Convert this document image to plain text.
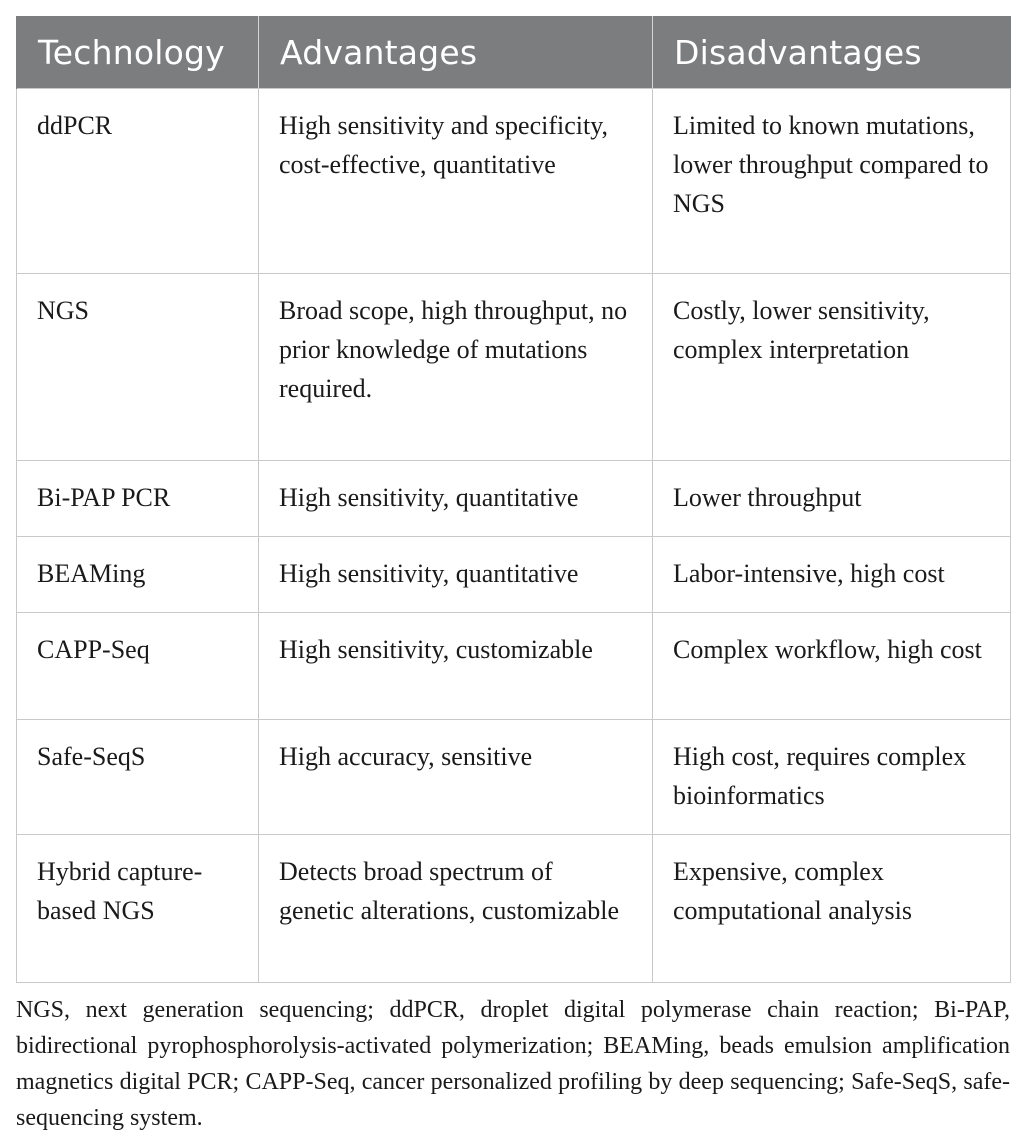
Technology	Advantages	Disadvantages
ddPCR	High sensitivity and specificity, cost-effective, quantitative	Limited to known mutations, lower throughput compared to NGS
NGS	Broad scope, high throughput, no prior knowledge of mutations required.	Costly, lower sensitivity, complex interpretation
Bi-PAP PCR	High sensitivity, quantitative	Lower throughput
BEAMing	High sensitivity, quantitative	Labor-intensive, high cost
CAPP-Seq	High sensitivity, customizable	Complex workflow, high cost
Safe-SeqS	High accuracy, sensitive	High cost, requires complex bioinformatics
Hybrid capture-based NGS	Detects broad spectrum of genetic alterations, customizable	Expensive, complex computational analysis

NGS, next generation sequencing; ddPCR, droplet digital polymerase chain reaction; Bi-PAP, bidirectional pyrophosphorolysis-activated polymerization; BEAMing, beads emulsion amplification magnetics digital PCR; CAPP-Seq, cancer personalized profiling by deep sequencing; Safe-SeqS, safe-sequencing system.
